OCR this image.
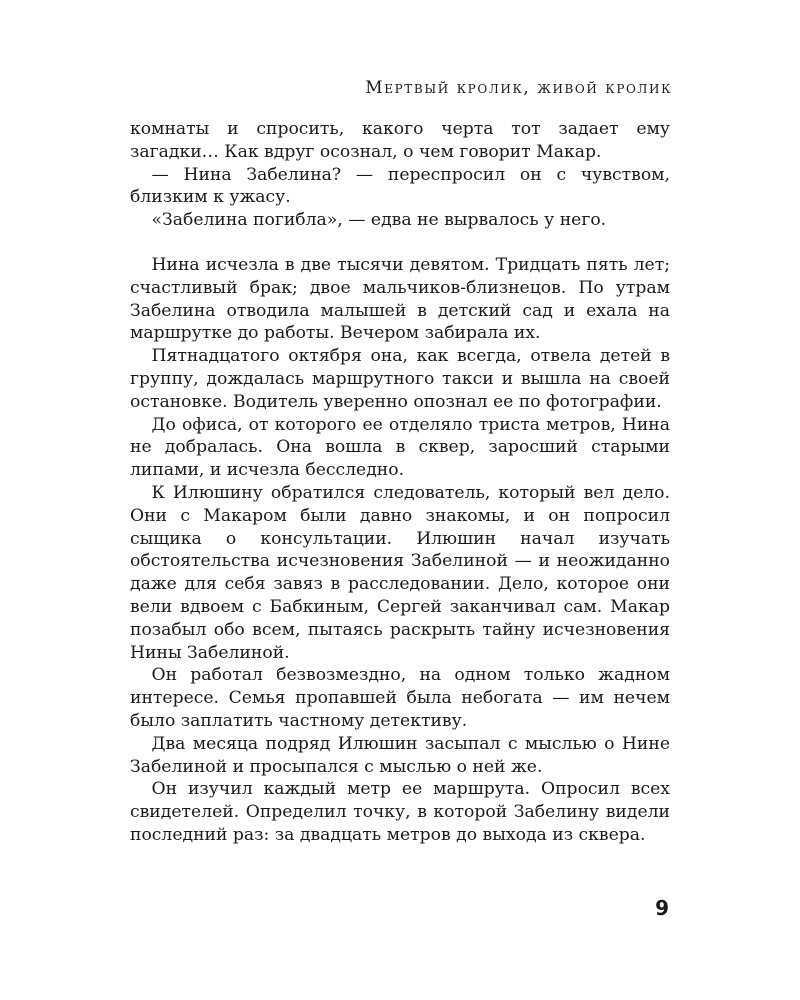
Мертвый кролик, живой кролик

комнаты и спросить, какого черта тот задает ему загадки… Как вдруг осознал, о чем говорит Макар.

— Нина Забелина? — переспросил он с чувством, близким к ужасу.

«Забелина погибла», — едва не вырвалось у него.

Нина исчезла в две тысячи девятом. Тридцать пять лет; счастливый брак; двое мальчиков-близнецов. По утрам Забелина отводила малышей в детский сад и ехала на маршрутке до работы. Вечером забирала их.

Пятнадцатого октября она, как всегда, отвела детей в группу, дождалась маршрутного такси и вышла на своей остановке. Водитель уверенно опознал ее по фотографии.

До офиса, от которого ее отделяло триста метров, Нина не добралась. Она вошла в сквер, заросший старыми липами, и исчезла бесследно.

К Илюшину обратился следователь, который вел дело. Они с Макаром были давно знакомы, и он попросил сыщика о консультации. Илюшин начал изучать обстоятельства исчезновения Забелиной — и неожиданно даже для себя завяз в расследовании. Дело, которое они вели вдвоем с Бабкиным, Сергей заканчивал сам. Макар позабыл обо всем, пытаясь раскрыть тайну исчезновения Нины Забелиной.

Он работал безвозмездно, на одном только жадном интересе. Семья пропавшей была небогата — им нечем было заплатить частному детективу.

Два месяца подряд Илюшин засыпал с мыслью о Нине Забелиной и просыпался с мыслью о ней же.

Он изучил каждый метр ее маршрута. Опросил всех свидетелей. Определил точку, в которой Забелину видели последний раз: за двадцать метров до выхода из сквера.

9
